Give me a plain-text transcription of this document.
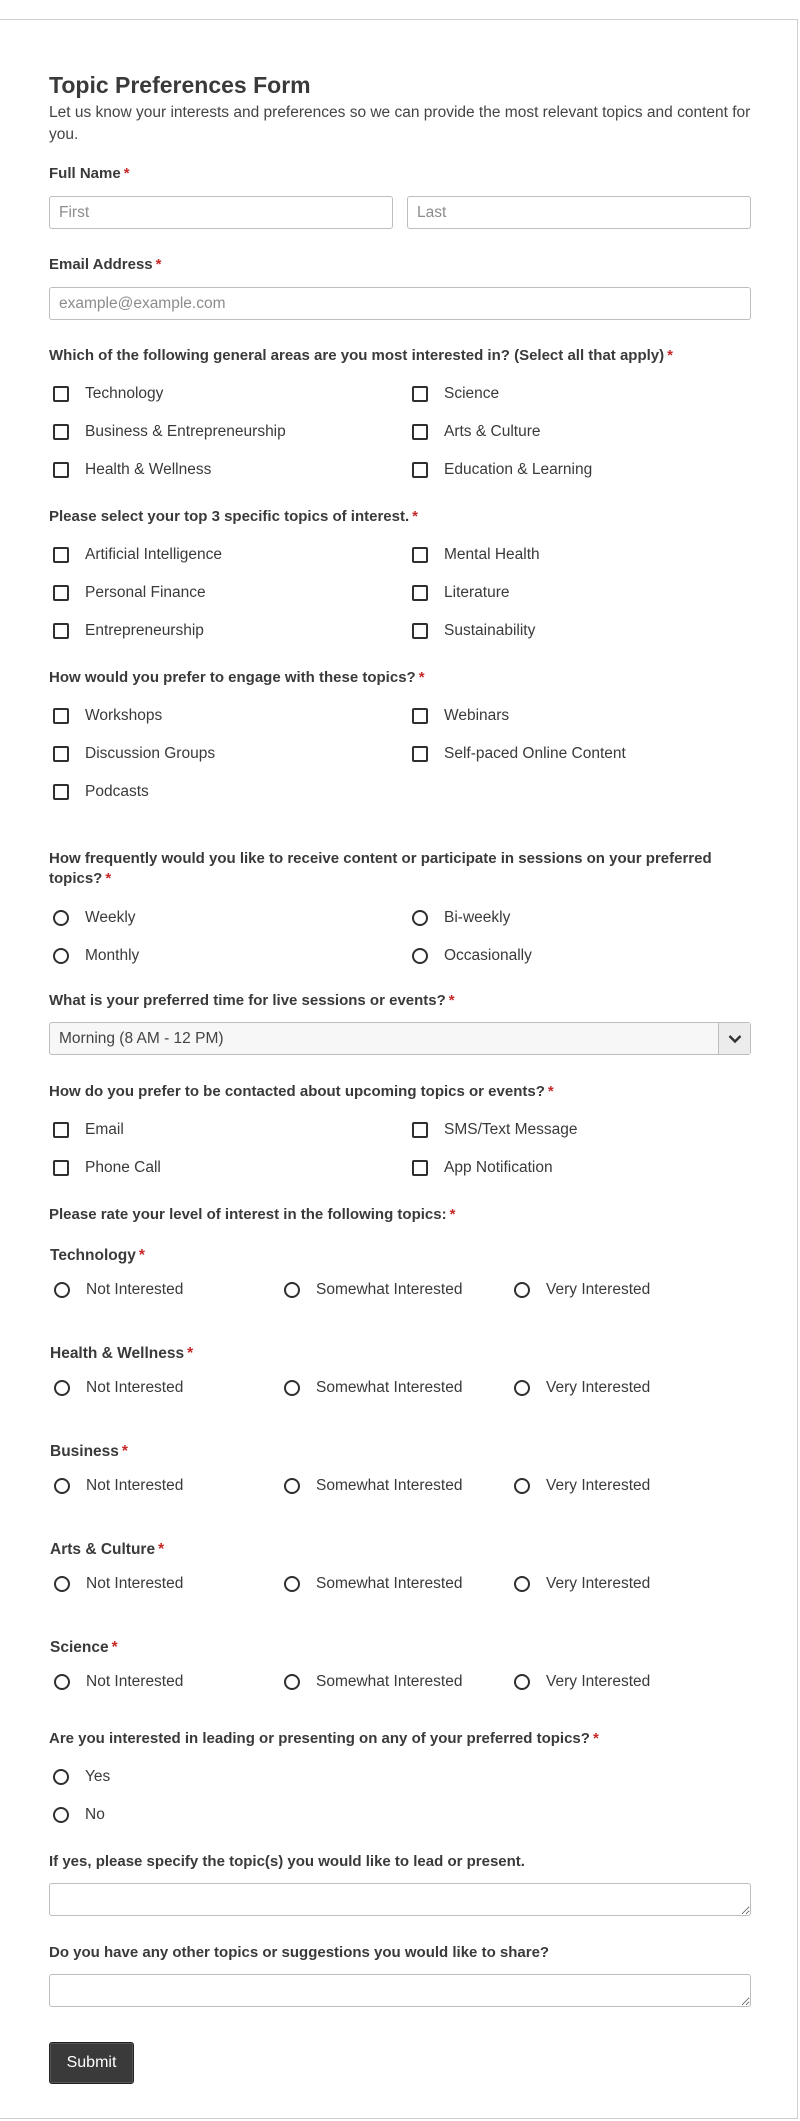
Topic Preferences Form
Let us know your interests and preferences so we can provide the most relevant topics and content for you.
Full Name *
First
Last
Email Address *
example@example.com
Which of the following general areas are you most interested in? (Select all that apply) *
Technology	Science
Business & Entrepreneurship	Arts & Culture
Health & Wellness	Education & Learning
Please select your top 3 specific topics of interest. *
Artificial Intelligence	Mental Health
Personal Finance	Literature
Entrepreneurship	Sustainability
How would you prefer to engage with these topics? *
Workshops	Webinars
Discussion Groups	Self-paced Online Content
Podcasts
How frequently would you like to receive content or participate in sessions on your preferred topics? *
Weekly	Bi-weekly
Monthly	Occasionally
What is your preferred time for live sessions or events? *
Morning (8 AM - 12 PM)
How do you prefer to be contacted about upcoming topics or events? *
Email	SMS/Text Message
Phone Call	App Notification
Please rate your level of interest in the following topics: *
Technology *
Not Interested	Somewhat Interested	Very Interested
Health & Wellness *
Not Interested	Somewhat Interested	Very Interested
Business *
Not Interested	Somewhat Interested	Very Interested
Arts & Culture *
Not Interested	Somewhat Interested	Very Interested
Science *
Not Interested	Somewhat Interested	Very Interested
Are you interested in leading or presenting on any of your preferred topics? *
Yes
No
If yes, please specify the topic(s) you would like to lead or present.
Do you have any other topics or suggestions you would like to share?
Submit
